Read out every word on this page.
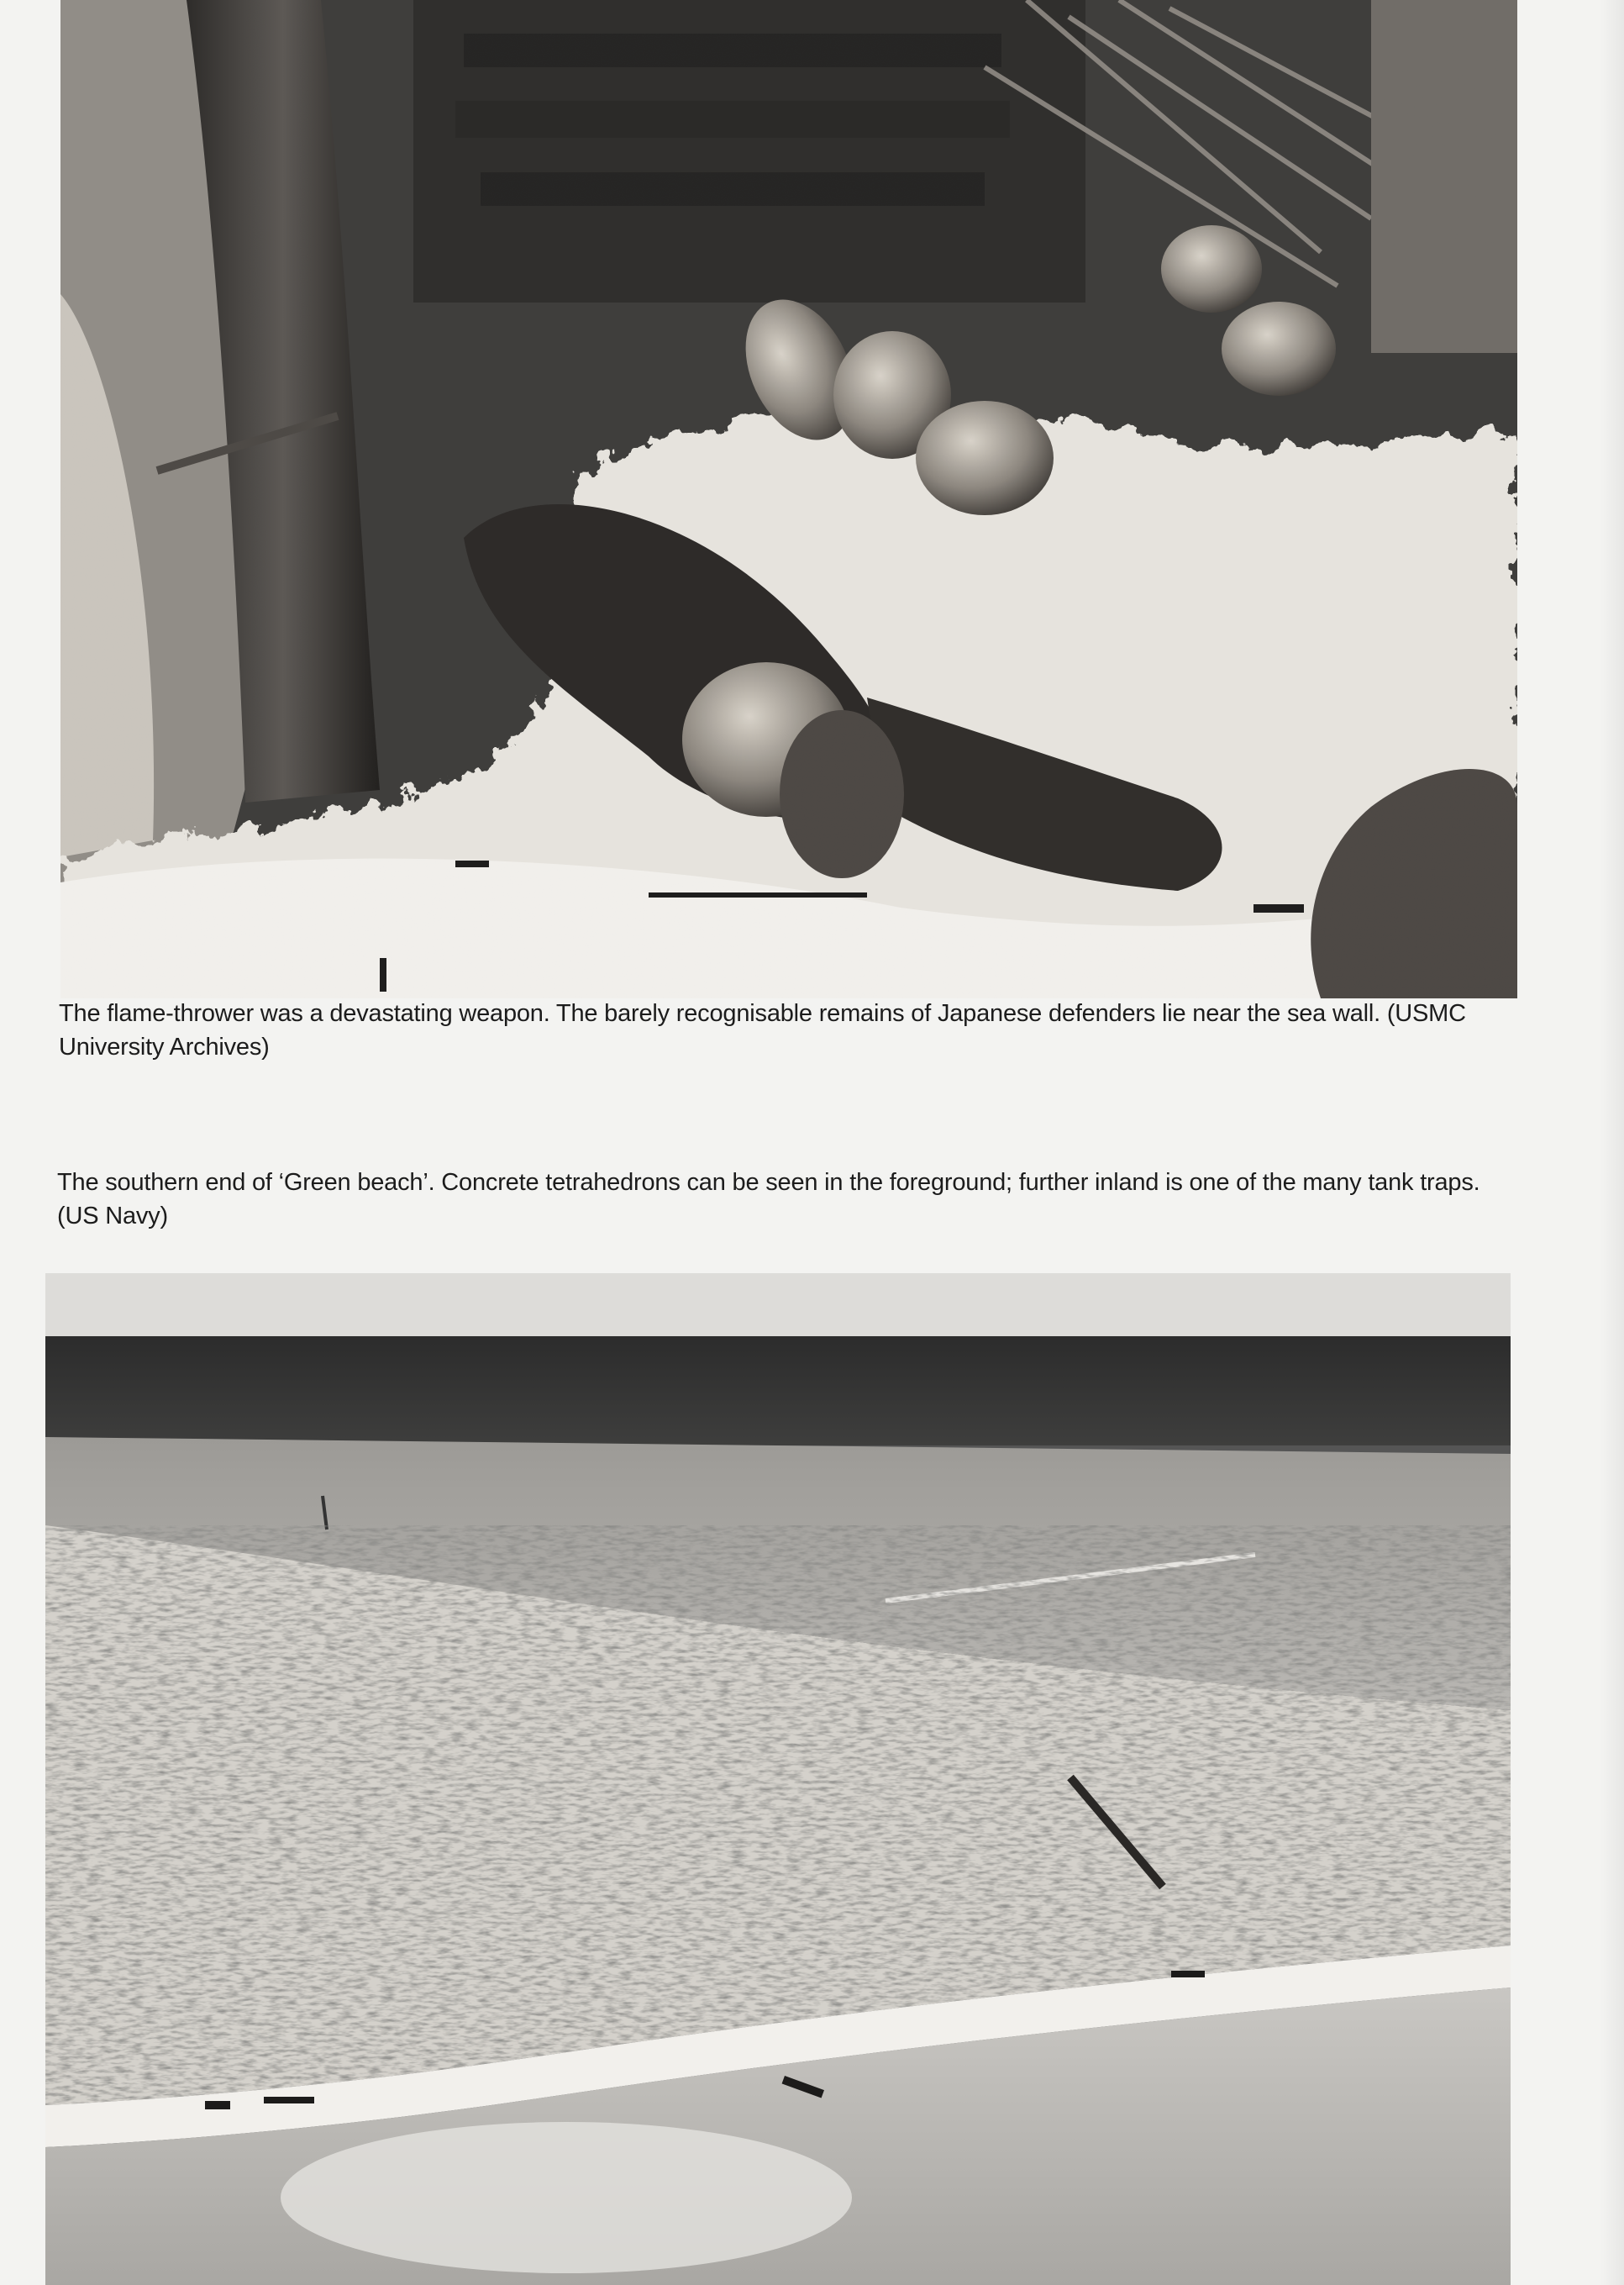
The flame-thrower was a devastating weapon. The barely recognisable remains of Japanese defenders lie near the sea wall. (USMC University Archives)

The southern end of ‘Green beach’. Concrete tetrahedrons can be seen in the foreground; further inland is one of the many tank traps. (US Navy)
